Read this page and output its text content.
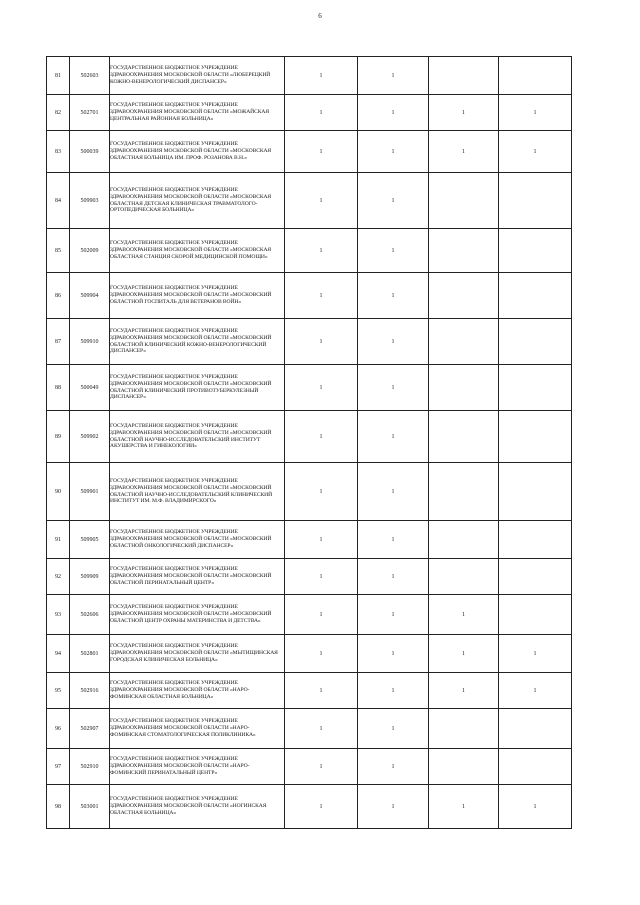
6
81	502603	ГОСУДАРСТВЕННОЕ БЮДЖЕТНОЕ УЧРЕЖДЕНИЕ ЗДРАВООХРАНЕНИЯ МОСКОВСКОЙ ОБЛАСТИ «ЛЮБЕРЕЦКИЙ КОЖНО-ВЕНЕРОЛОГИЧЕСКИЙ ДИСПАНСЕР»	1	1		
82	502701	ГОСУДАРСТВЕННОЕ БЮДЖЕТНОЕ УЧРЕЖДЕНИЕ ЗДРАВООХРАНЕНИЯ МОСКОВСКОЙ ОБЛАСТИ «МОЖАЙСКАЯ ЦЕНТРАЛЬНАЯ РАЙОННАЯ БОЛЬНИЦА»	1	1	1	1
83	500039	ГОСУДАРСТВЕННОЕ БЮДЖЕТНОЕ УЧРЕЖДЕНИЕ ЗДРАВООХРАНЕНИЯ МОСКОВСКОЙ ОБЛАСТИ «МОСКОВСКАЯ ОБЛАСТНАЯ БОЛЬНИЦА ИМ. ПРОФ. РОЗАНОВА В.Н.»	1	1	1	1
84	509903	ГОСУДАРСТВЕННОЕ БЮДЖЕТНОЕ УЧРЕЖДЕНИЕ ЗДРАВООХРАНЕНИЯ МОСКОВСКОЙ ОБЛАСТИ «МОСКОВСКАЯ ОБЛАСТНАЯ ДЕТСКАЯ КЛИНИЧЕСКАЯ ТРАВМАТОЛОГО-ОРТОПЕДИЧЕСКАЯ БОЛЬНИЦА»	1	1		
85	502009	ГОСУДАРСТВЕННОЕ БЮДЖЕТНОЕ УЧРЕЖДЕНИЕ ЗДРАВООХРАНЕНИЯ МОСКОВСКОЙ ОБЛАСТИ «МОСКОВСКАЯ ОБЛАСТНАЯ СТАНЦИЯ СКОРОЙ МЕДИЦИНСКОЙ ПОМОЩИ»	1	1		
86	509904	ГОСУДАРСТВЕННОЕ БЮДЖЕТНОЕ УЧРЕЖДЕНИЕ ЗДРАВООХРАНЕНИЯ МОСКОВСКОЙ ОБЛАСТИ «МОСКОВСКИЙ ОБЛАСТНОЙ ГОСПИТАЛЬ ДЛЯ ВЕТЕРАНОВ ВОЙН»	1	1		
87	509910	ГОСУДАРСТВЕННОЕ БЮДЖЕТНОЕ УЧРЕЖДЕНИЕ ЗДРАВООХРАНЕНИЯ МОСКОВСКОЙ ОБЛАСТИ «МОСКОВСКИЙ ОБЛАСТНОЙ КЛИНИЧЕСКИЙ КОЖНО-ВЕНЕРОЛОГИЧЕСКИЙ ДИСПАНСЕР»	1	1		
88	500049	ГОСУДАРСТВЕННОЕ БЮДЖЕТНОЕ УЧРЕЖДЕНИЕ ЗДРАВООХРАНЕНИЯ МОСКОВСКОЙ ОБЛАСТИ «МОСКОВСКИЙ ОБЛАСТНОЙ КЛИНИЧЕСКИЙ ПРОТИВОТУБЕРКУЛЕЗНЫЙ ДИСПАНСЕР»	1	1		
89	509902	ГОСУДАРСТВЕННОЕ БЮДЖЕТНОЕ УЧРЕЖДЕНИЕ ЗДРАВООХРАНЕНИЯ МОСКОВСКОЙ ОБЛАСТИ «МОСКОВСКИЙ ОБЛАСТНОЙ НАУЧНО-ИССЛЕДОВАТЕЛЬСКИЙ ИНСТИТУТ АКУШЕРСТВА И ГИНЕКОЛОГИИ»	1	1		
90	509901	ГОСУДАРСТВЕННОЕ БЮДЖЕТНОЕ УЧРЕЖДЕНИЕ ЗДРАВООХРАНЕНИЯ МОСКОВСКОЙ ОБЛАСТИ «МОСКОВСКИЙ ОБЛАСТНОЙ НАУЧНО-ИССЛЕДОВАТЕЛЬСКИЙ КЛИНИЧЕСКИЙ ИНСТИТУТ ИМ. М.Ф. ВЛАДИМИРСКОГО»	1	1		
91	509905	ГОСУДАРСТВЕННОЕ БЮДЖЕТНОЕ УЧРЕЖДЕНИЕ ЗДРАВООХРАНЕНИЯ МОСКОВСКОЙ ОБЛАСТИ «МОСКОВСКИЙ ОБЛАСТНОЙ ОНКОЛОГИЧЕСКИЙ ДИСПАНСЕР»	1	1		
92	509909	ГОСУДАРСТВЕННОЕ БЮДЖЕТНОЕ УЧРЕЖДЕНИЕ ЗДРАВООХРАНЕНИЯ МОСКОВСКОЙ ОБЛАСТИ «МОСКОВСКИЙ ОБЛАСТНОЙ ПЕРИНАТАЛЬНЫЙ ЦЕНТР»	1	1		
93	502606	ГОСУДАРСТВЕННОЕ БЮДЖЕТНОЕ УЧРЕЖДЕНИЕ ЗДРАВООХРАНЕНИЯ МОСКОВСКОЙ ОБЛАСТИ «МОСКОВСКИЙ ОБЛАСТНОЙ ЦЕНТР ОХРАНЫ МАТЕРИНСТВА И ДЕТСТВА»	1	1	1	
94	502801	ГОСУДАРСТВЕННОЕ БЮДЖЕТНОЕ УЧРЕЖДЕНИЕ ЗДРАВООХРАНЕНИЯ МОСКОВСКОЙ ОБЛАСТИ «МЫТИЩИНСКАЯ ГОРОДСКАЯ КЛИНИЧЕСКАЯ БОЛЬНИЦА»	1	1	1	1
95	502916	ГОСУДАРСТВЕННОЕ БЮДЖЕТНОЕ УЧРЕЖДЕНИЕ ЗДРАВООХРАНЕНИЯ МОСКОВСКОЙ ОБЛАСТИ «НАРО-ФОМИНСКАЯ ОБЛАСТНАЯ БОЛЬНИЦА»	1	1	1	1
96	502907	ГОСУДАРСТВЕННОЕ БЮДЖЕТНОЕ УЧРЕЖДЕНИЕ ЗДРАВООХРАНЕНИЯ МОСКОВСКОЙ ОБЛАСТИ «НАРО-ФОМИНСКАЯ СТОМАТОЛОГИЧЕСКАЯ ПОЛИКЛИНИКА»	1	1		
97	502910	ГОСУДАРСТВЕННОЕ БЮДЖЕТНОЕ УЧРЕЖДЕНИЕ ЗДРАВООХРАНЕНИЯ МОСКОВСКОЙ ОБЛАСТИ «НАРО-ФОМИНСКИЙ ПЕРИНАТАЛЬНЫЙ ЦЕНТР»	1	1		
98	503001	ГОСУДАРСТВЕННОЕ БЮДЖЕТНОЕ УЧРЕЖДЕНИЕ ЗДРАВООХРАНЕНИЯ МОСКОВСКОЙ ОБЛАСТИ «НОГИНСКАЯ ОБЛАСТНАЯ БОЛЬНИЦА»	1	1	1	1
